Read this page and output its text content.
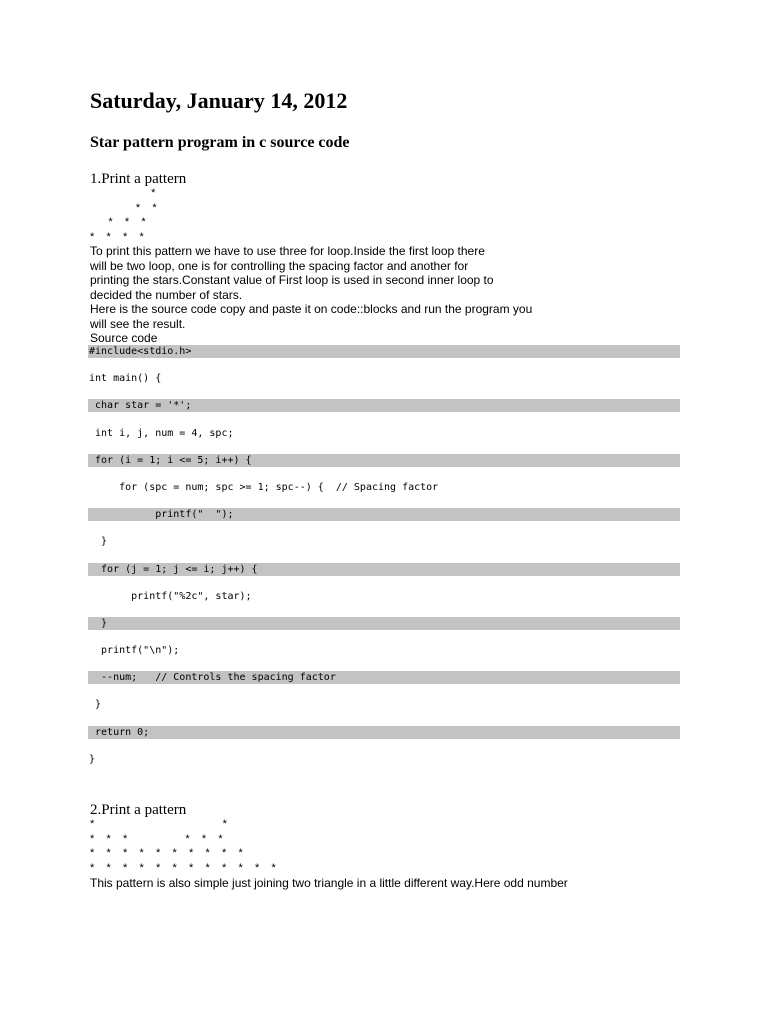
Saturday, January 14, 2012
Star pattern program in c source code
1.Print a pattern
*
*    *
*    *    *
*    *    *    *
To print this pattern we have to use three for loop.Inside the first loop there
will be two loop, one is for controlling the spacing factor and another for
printing the stars.Constant value of First loop is used in second inner loop to
decided the number of stars.
Here is the source code copy and paste it on code::blocks and run the program you
will see the result.
Source code
#include<stdio.h>
int main() {
char star = '*';
int i, j, num = 4, spc;
for (i = 1; i <= 5; i++) {
for (spc = num; spc >= 1; spc--) {  // Spacing factor
printf("  ");
}
for (j = 1; j <= i; j++) {
printf("%2c", star);
}
printf("\n");
--num;   // Controls the spacing factor
}
return 0;
}
2.Print a pattern
*                                          *
*    *    *                   *    *    *
*    *    *    *    *    *    *    *    *    *
*    *    *    *    *    *    *    *    *    *    *    *
This pattern is also simple just joining two triangle in a little different way.Here odd number
